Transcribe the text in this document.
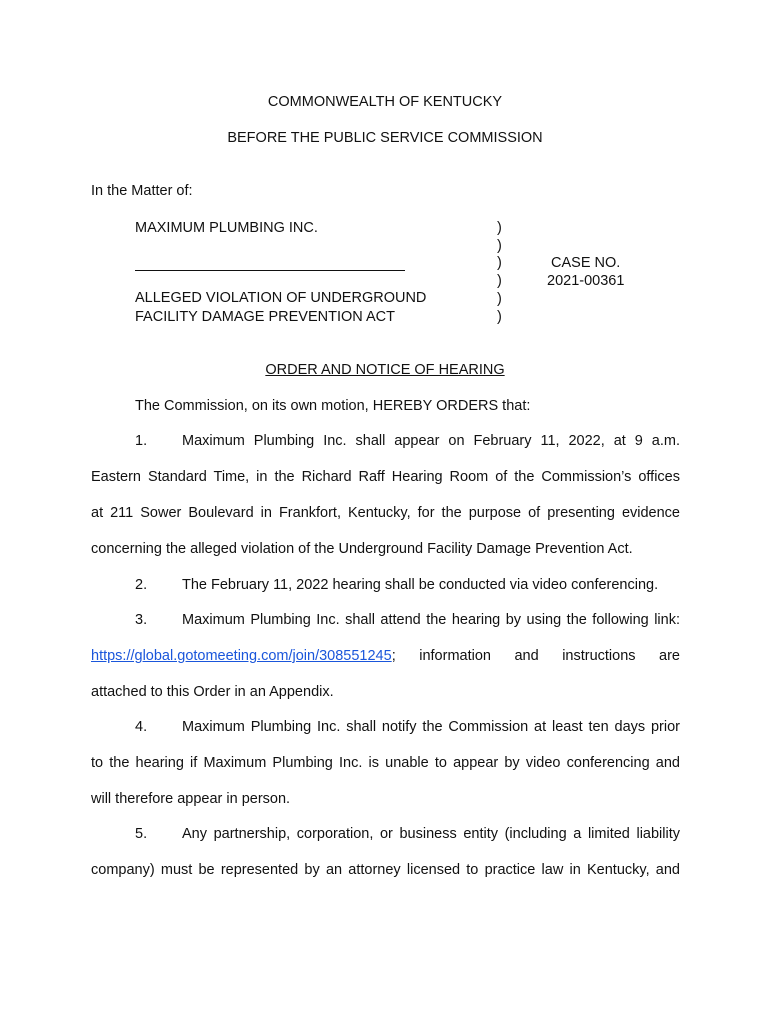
COMMONWEALTH OF KENTUCKY
BEFORE THE PUBLIC SERVICE COMMISSION
In the Matter of:
MAXIMUM PLUMBING INC.
ALLEGED VIOLATION OF UNDERGROUND
FACILITY DAMAGE PREVENTION ACT
)
)
)
)
)
)
CASE NO.
2021-00361
ORDER AND NOTICE OF HEARING
The Commission, on its own motion, HEREBY ORDERS that:
1. Maximum Plumbing Inc. shall appear on February 11, 2022, at 9 a.m.
Eastern Standard Time, in the Richard Raff Hearing Room of the Commission’s offices
at 211 Sower Boulevard in Frankfort, Kentucky, for the purpose of presenting evidence
concerning the alleged violation of the Underground Facility Damage Prevention Act.
2. The February 11, 2022 hearing shall be conducted via video conferencing.
3. Maximum Plumbing Inc. shall attend the hearing by using the following link:
https://global.gotomeeting.com/join/308551245 ; information and instructions are
attached to this Order in an Appendix.
4. Maximum Plumbing Inc. shall notify the Commission at least ten days prior
to the hearing if Maximum Plumbing Inc. is unable to appear by video conferencing and
will therefore appear in person.
5. Any partnership, corporation, or business entity (including a limited liability
company) must be represented by an attorney licensed to practice law in Kentucky, and
